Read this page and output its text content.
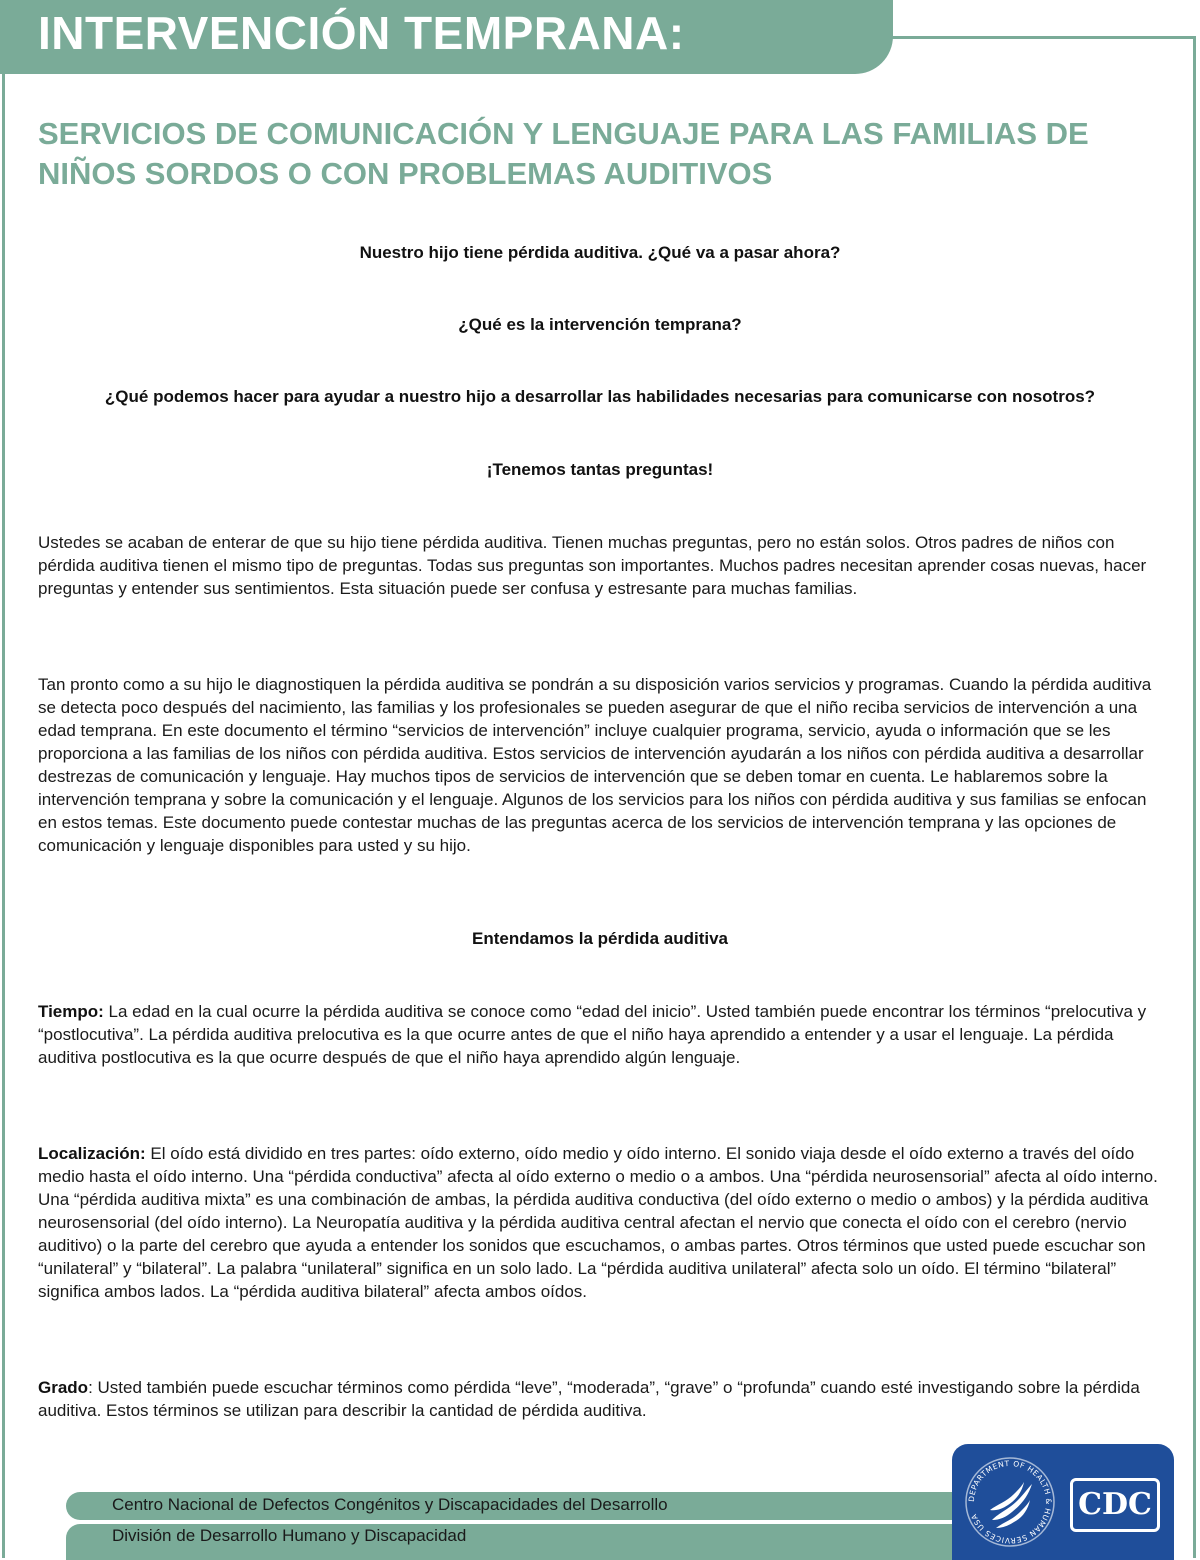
INTERVENCIÓN TEMPRANA:
SERVICIOS DE COMUNICACIÓN Y LENGUAJE PARA LAS FAMILIAS DE NIÑOS SORDOS O CON PROBLEMAS AUDITIVOS

Nuestro hijo tiene pérdida auditiva. ¿Qué va a pasar ahora?

¿Qué es la intervención temprana?

¿Qué podemos hacer para ayudar a nuestro hijo a desarrollar las habilidades necesarias para comunicarse con nosotros?

¡Tenemos tantas preguntas!

Ustedes se acaban de enterar de que su hijo tiene pérdida auditiva. Tienen muchas preguntas, pero no están solos. Otros padres de niños con pérdida auditiva tienen el mismo tipo de preguntas. Todas sus preguntas son importantes. Muchos padres necesitan aprender cosas nuevas, hacer preguntas y entender sus sentimientos. Esta situación puede ser confusa y estresante para muchas familias.

Tan pronto como a su hijo le diagnostiquen la pérdida auditiva se pondrán a su disposición varios servicios y programas. Cuando la pérdida auditiva se detecta poco después del nacimiento, las familias y los profesionales se pueden asegurar de que el niño reciba servicios de intervención a una edad temprana. En este documento el término “servicios de intervención” incluye cualquier programa, servicio, ayuda o información que se les proporciona a las familias de los niños con pérdida auditiva. Estos servicios de intervención ayudarán a los niños con pérdida auditiva a desarrollar destrezas de comunicación y lenguaje. Hay muchos tipos de servicios de intervención que se deben tomar en cuenta. Le hablaremos sobre la intervención temprana y sobre la comunicación y el lenguaje. Algunos de los servicios para los niños con pérdida auditiva y sus familias se enfocan en estos temas. Este documento puede contestar muchas de las preguntas acerca de los servicios de intervención temprana y las opciones de comunicación y lenguaje disponibles para usted y su hijo.

Entendamos la pérdida auditiva

Tiempo: La edad en la cual ocurre la pérdida auditiva se conoce como “edad del inicio”. Usted también puede encontrar los términos “prelocutiva y “postlocutiva”. La pérdida auditiva prelocutiva es la que ocurre antes de que el niño haya aprendido a entender y a usar el lenguaje. La pérdida auditiva postlocutiva es la que ocurre después de que el niño haya aprendido algún lenguaje.

Localización: El oído está dividido en tres partes: oído externo, oído medio y oído interno. El sonido viaja desde el oído externo a través del oído medio hasta el oído interno. Una “pérdida conductiva” afecta al oído externo o medio o a ambos. Una “pérdida neurosensorial” afecta al oído interno. Una “pérdida auditiva mixta” es una combinación de ambas, la pérdida auditiva conductiva (del oído externo o medio o ambos) y la pérdida auditiva neurosensorial (del oído interno). La Neuropatía auditiva y la pérdida auditiva central afectan el nervio que conecta el oído con el cerebro (nervio auditivo) o la parte del cerebro que ayuda a entender los sonidos que escuchamos, o ambas partes. Otros términos que usted puede escuchar son “unilateral” y “bilateral”. La palabra “unilateral” significa en un solo lado. La “pérdida auditiva unilateral” afecta solo un oído. El término “bilateral” significa ambos lados. La “pérdida auditiva bilateral” afecta ambos oídos.

Grado: Usted también puede escuchar términos como pérdida “leve”, “moderada”, “grave” o “profunda” cuando esté investigando sobre la pérdida auditiva. Estos términos se utilizan para describir la cantidad de pérdida auditiva.

Centro Nacional de Defectos Congénitos y Discapacidades del Desarrollo

División de Desarrollo Humano y Discapacidad

DEPARTMENT OF HEALTH & HUMAN SERVICES USA	CDC
